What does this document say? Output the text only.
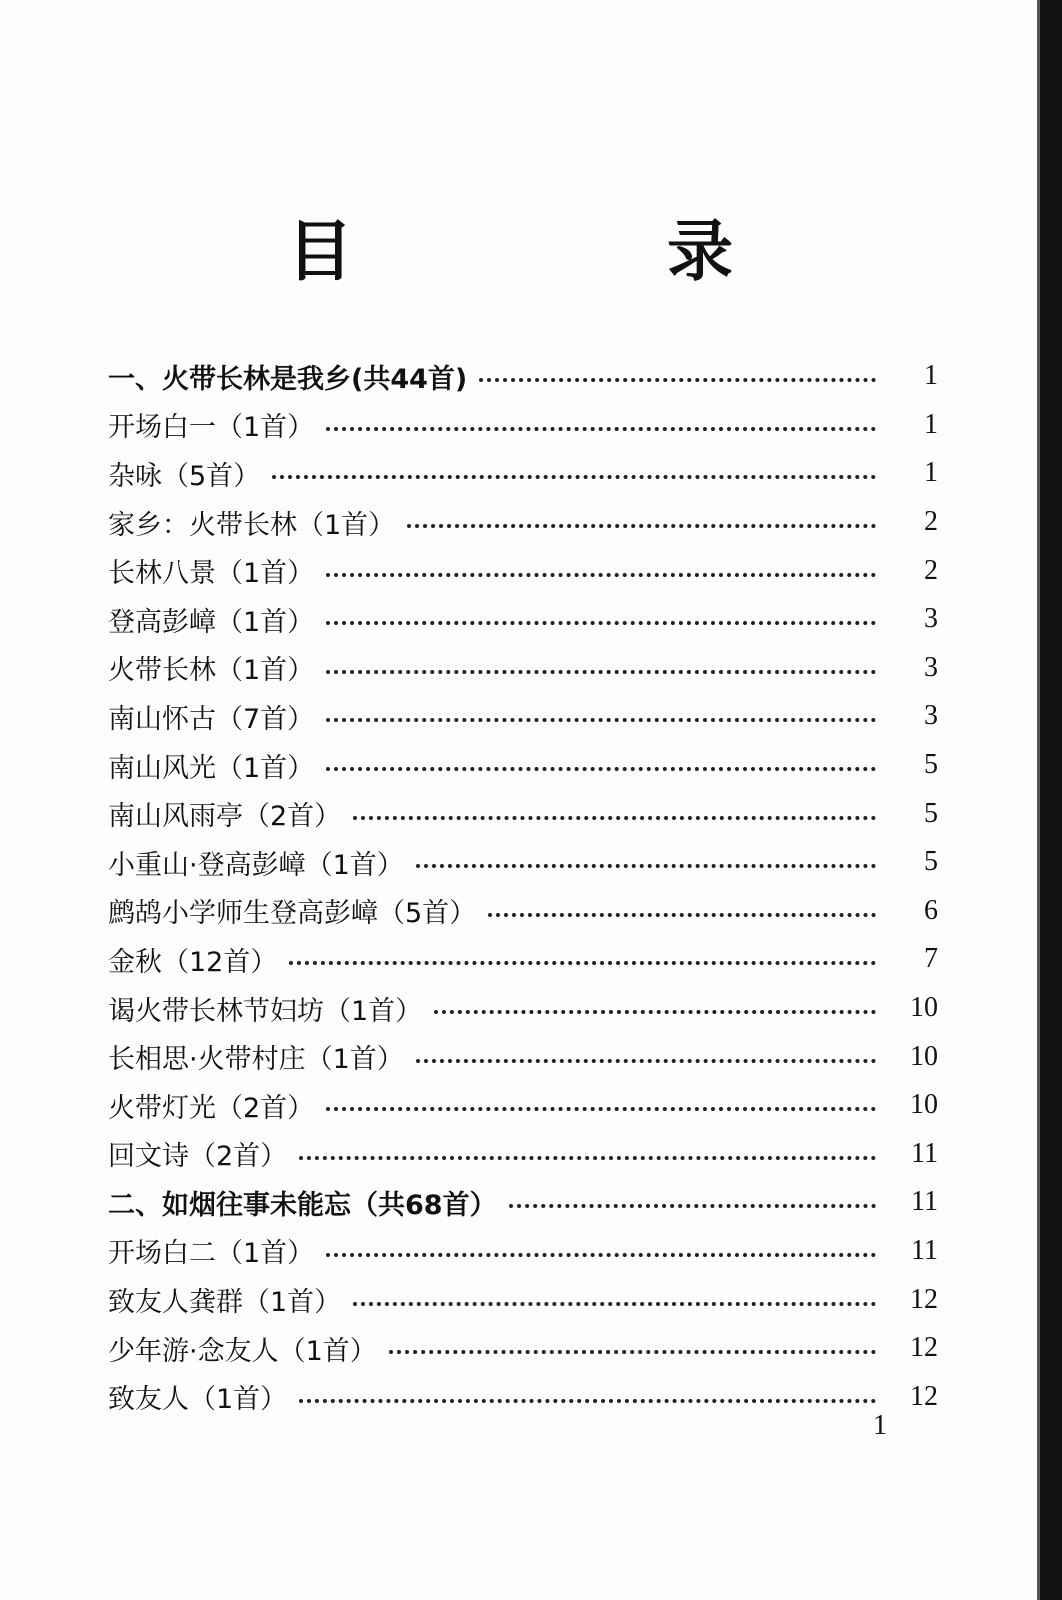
目　录
一、火带长林是我乡(共44首)	1
开场白一（1首）	1
杂咏（5首）	1
家乡：火带长林（1首）	2
长林八景（1首）	2
登高彭嶂（1首）	3
火带长林（1首）	3
南山怀古（7首）	3
南山风光（1首）	5
南山风雨亭（2首）	5
小重山·登高彭嶂（1首）	5
鹧鸪小学师生登高彭嶂（5首）	6
金秋（12首）	7
谒火带长林节妇坊（1首）	10
长相思·火带村庄（1首）	10
火带灯光（2首）	10
回文诗（2首）	11
二、如烟往事未能忘（共68首）	11
开场白二（1首）	11
致友人龚群（1首）	12
少年游·念友人（1首）	12
致友人（1首）	12
1
